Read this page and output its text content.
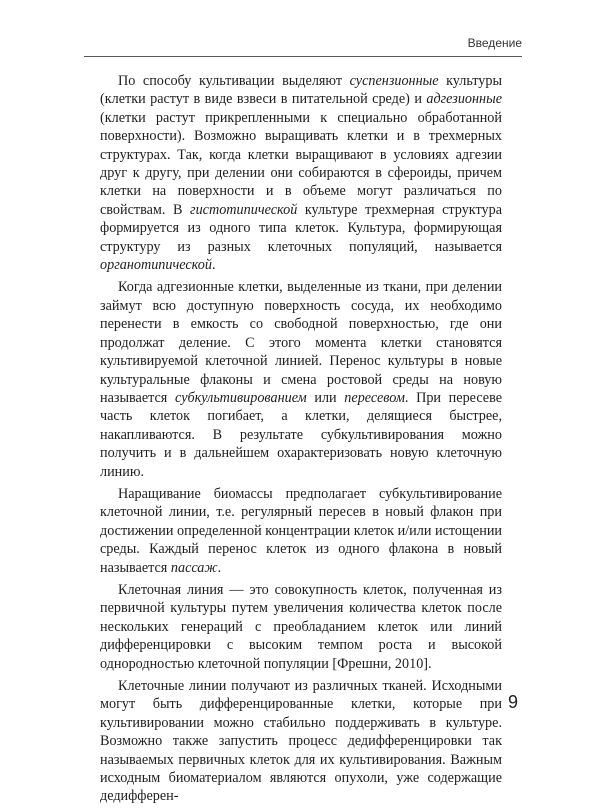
Введение

По способу культивации выделяют суспензионные культуры (клетки растут в виде взвеси в питательной среде) и адгезионные (клетки растут прикрепленными к специально обработанной поверхности). Возможно выращивать клетки и в трехмерных структурах. Так, когда клетки выращивают в условиях адгезии друг к другу, при делении они собираются в сфероиды, причем клетки на поверхности и в объеме могут различаться по свойствам. В гистотипической культуре трехмерная структура формируется из одного типа клеток. Культура, формирующая структуру из разных клеточных популяций, называется органотипической.

Когда адгезионные клетки, выделенные из ткани, при делении займут всю доступную поверхность сосуда, их необходимо перенести в емкость со свободной поверхностью, где они продолжат деление. С этого момента клетки становятся культивируемой клеточной линией. Перенос культуры в новые культуральные флаконы и смена ростовой среды на новую называется субкультивированием или пересевом. При пересеве часть клеток погибает, а клетки, делящиеся быстрее, накапливаются. В результате субкультивирования можно получить и в дальнейшем охарактеризовать новую клеточную линию.

Наращивание биомассы предполагает субкультивирование клеточной линии, т.е. регулярный пересев в новый флакон при достижении определенной концентрации клеток и/или истощении среды. Каждый перенос клеток из одного флакона в новый называется пассаж.

Клеточная линия — это совокупность клеток, полученная из первичной культуры путем увеличения количества клеток после нескольких генераций с преобладанием клеток или линий дифференцировки с высоким темпом роста и высокой однородностью клеточной популяции [Фрешни, 2010].

Клеточные линии получают из различных тканей. Исходными могут быть дифференцированные клетки, которые при культивировании можно стабильно поддерживать в культуре. Возможно также запустить процесс дедифференцировки так называемых первичных клеток для их культивирования. Важным исходным биоматериалом являются опухоли, уже содержащие дедифферен-

9
